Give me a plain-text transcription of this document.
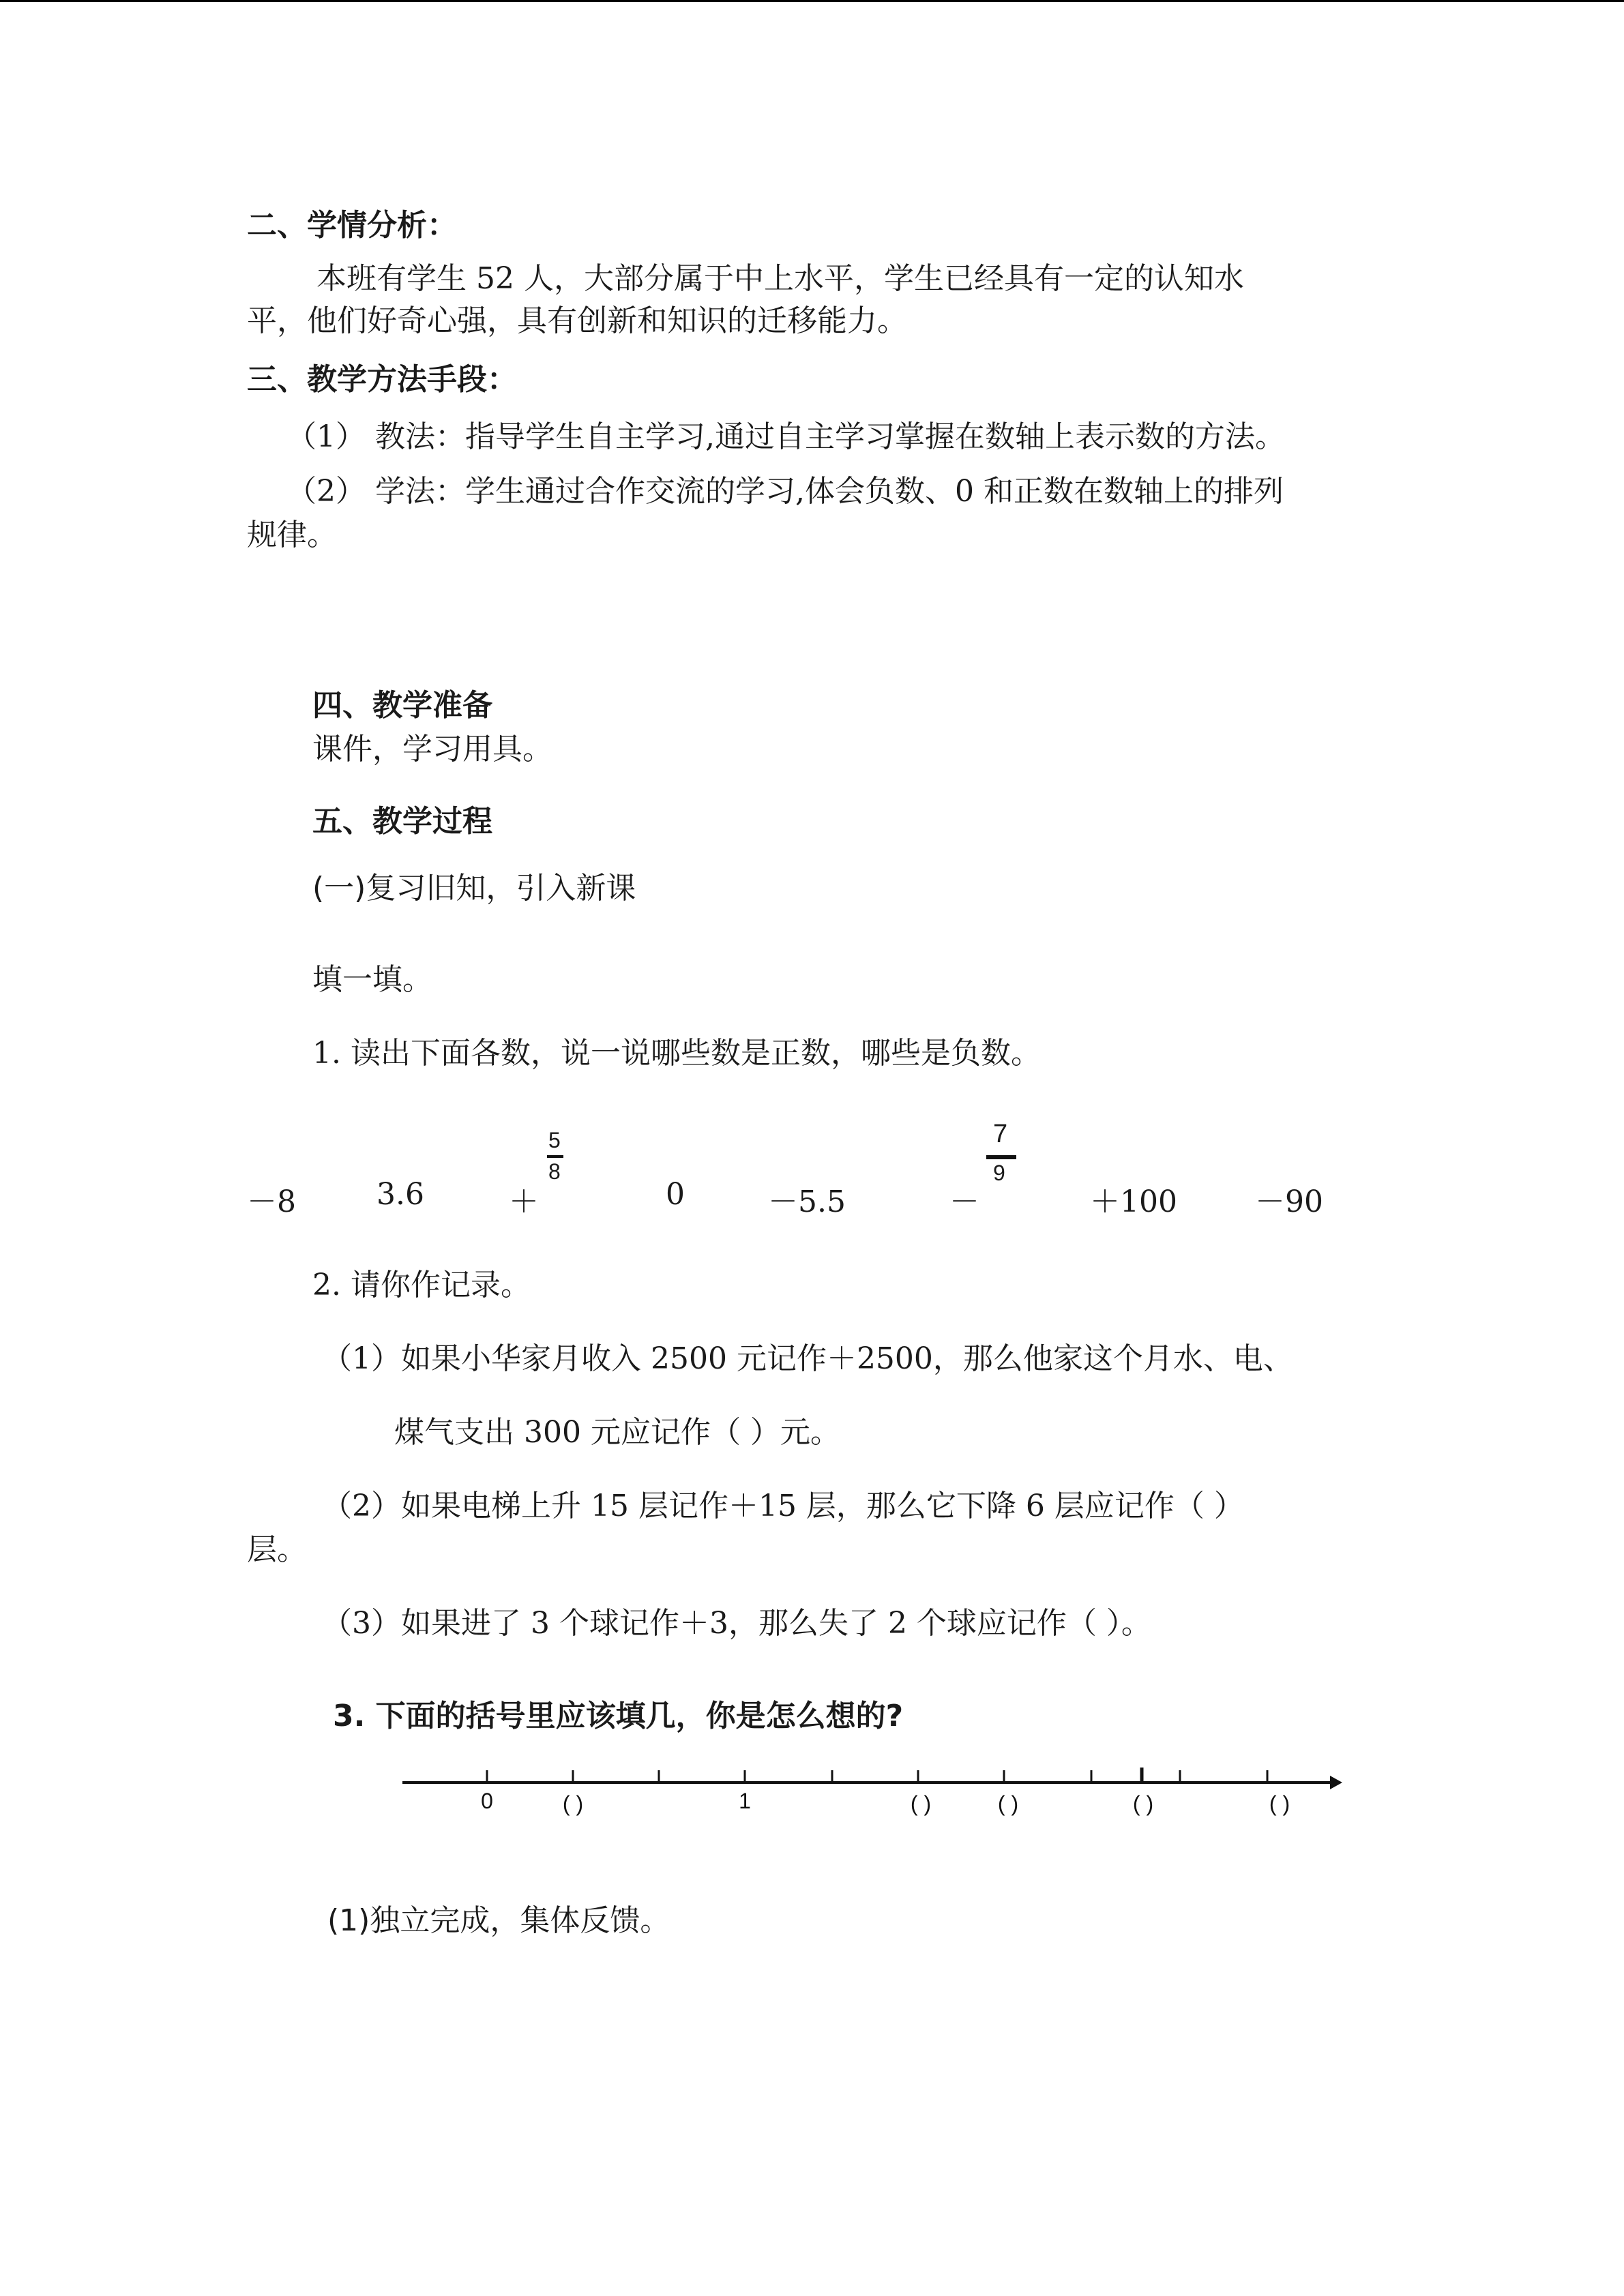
二、学情分析：
本班有学生 52 人，大部分属于中上水平，学生已经具有一定的认知水
平，他们好奇心强，具有创新和知识的迁移能力。
三、教学方法手段：
（1） 教法：指导学生自主学习,通过自主学习掌握在数轴上表示数的方法。
（2） 学法：学生通过合作交流的学习,体会负数、0 和正数在数轴上的排列
规律。
四、教学准备
课件，学习用具。
五、教学过程
(一)复习旧知，引入新课
填一填。
1. 读出下面各数，说一说哪些数是正数，哪些是负数。
－8	3.6	＋
5
8
0	－5.5	－
7
9
＋100	－90
2. 请你作记录。
（1）如果小华家月收入 2500 元记作＋2500，那么他家这个月水、电、
煤气支出 300 元应记作（ ）元。
（2）如果电梯上升 15 层记作＋15 层，那么它下降 6 层应记作（ ）
层。
（3）如果进了 3 个球记作＋3，那么失了 2 个球应记作（ ）。
3. 下面的括号里应该填几，你是怎么想的?
0	( )	1	( )	( )	( )	( )
(1)独立完成，集体反馈。
